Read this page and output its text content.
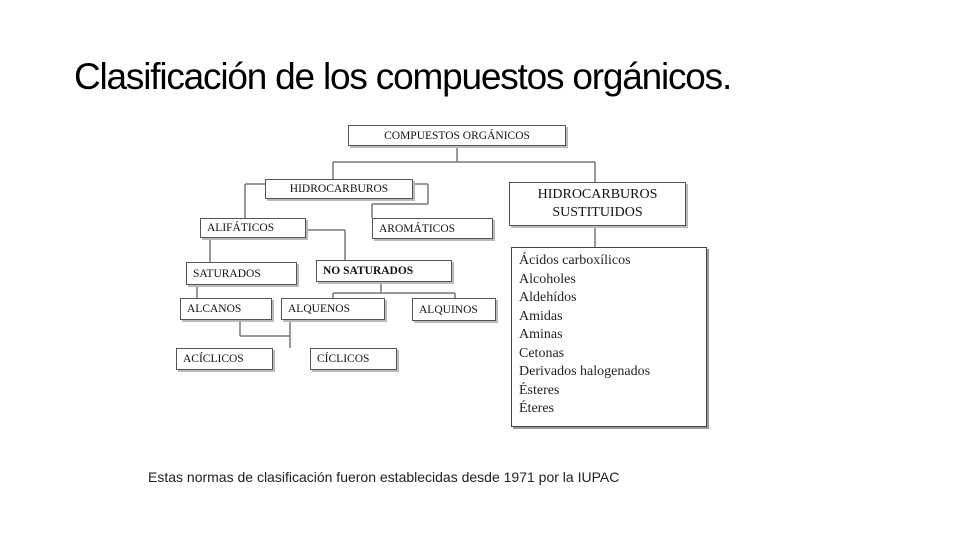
Clasificación de los compuestos orgánicos.
COMPUESTOS ORGÁNICOS
HIDROCARBUROS	HIDROCARBUROS
SUSTITUIDOS
ALIFÁTICOS	AROMÁTICOS
SATURADOS	NO SATURADOS
ALCANOS	ALQUENOS	ALQUINOS
ACÍCLICOS	CÍCLICOS
Ácidos carboxílicos
Alcoholes
Aldehídos
Amidas
Aminas
Cetonas
Derivados halogenados
Ésteres
Éteres
Estas normas de clasificación fueron establecidas desde 1971 por la IUPAC
